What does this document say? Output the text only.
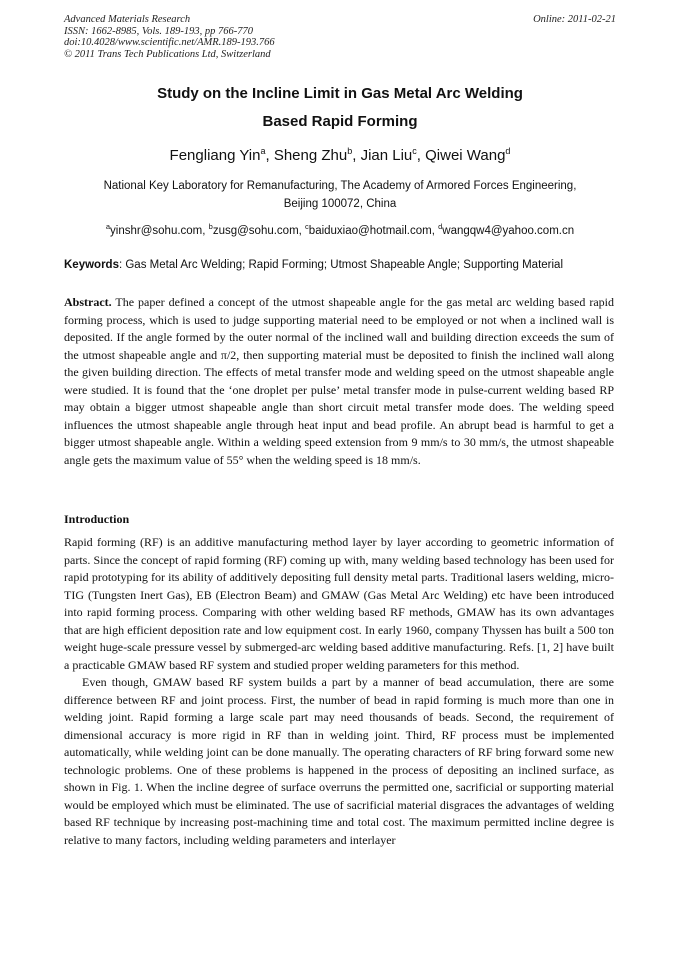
Advanced Materials Research
ISSN: 1662-8985, Vols. 189-193, pp 766-770
doi:10.4028/www.scientific.net/AMR.189-193.766
© 2011 Trans Tech Publications Ltd, Switzerland
Online: 2011-02-21
Study on the Incline Limit in Gas Metal Arc Welding
Based Rapid Forming
Fengliang Yin$^a$, Sheng Zhu$^b$, Jian Liu$^c$, Qiwei Wang$^d$
National Key Laboratory for Remanufacturing, The Academy of Armored Forces Engineering,
Beijing 100072, China
$^a$yinshr@sohu.com, $^b$zusg@sohu.com, $^c$baiduxiao@hotmail.com, $^d$wangqw4@yahoo.com.cn
Keywords: Gas Metal Arc Welding; Rapid Forming; Utmost Shapeable Angle; Supporting Material
Abstract. The paper defined a concept of the utmost shapeable angle for the gas metal arc welding based rapid forming process, which is used to judge supporting material need to be employed or not when a inclined wall is deposited. If the angle formed by the outer normal of the inclined wall and building direction exceeds the sum of the utmost shapeable angle and π/2, then supporting material must be deposited to finish the inclined wall along the given building direction. The effects of metal transfer mode and welding speed on the utmost shapeable angle were studied. It is found that the ‘one droplet per pulse’ metal transfer mode in pulse-current welding based RP may obtain a bigger utmost shapeable angle than short circuit metal transfer mode does. The welding speed influences the utmost shapeable angle through heat input and bead profile. An abrupt bead is harmful to get a bigger utmost shapeable angle. Within a welding speed extension from 9 mm/s to 30 mm/s, the utmost shapeable angle gets the maximum value of 55° when the welding speed is 18 mm/s.
Introduction

Rapid forming (RF) is an additive manufacturing method layer by layer according to geometric information of parts. Since the concept of rapid forming (RF) coming up with, many welding based technology has been used for rapid prototyping for its ability of additively depositing full density metal parts. Traditional lasers welding, micro-TIG (Tungsten Inert Gas), EB (Electron Beam) and GMAW (Gas Metal Arc Welding) etc have been introduced into rapid forming process. Comparing with other welding based RF methods, GMAW has its own advantages that are high efficient deposition rate and low equipment cost. In early 1960, company Thyssen has built a 500 ton weight huge-scale pressure vessel by submerged-arc welding based additive manufacturing. Refs. [1, 2] have built a practicable GMAW based RF system and studied proper welding parameters for this method.

Even though, GMAW based RF system builds a part by a manner of bead accumulation, there are some difference between RF and joint process. First, the number of bead in rapid forming is much more than one in welding joint. Rapid forming a large scale part may need thousands of beads. Second, the requirement of dimensional accuracy is more rigid in RF than in welding joint. Third, RF process must be implemented automatically, while welding joint can be done manually. The operating characters of RF bring forward some new technologic problems. One of these problems is happened in the process of depositing an inclined surface, as shown in Fig. 1. When the incline degree of surface overruns the permitted one, sacrificial or supporting material would be employed which must be eliminated. The use of sacrificial material disgraces the advantages of welding based RF technique by increasing post-machining time and total cost. The maximum permitted incline degree is relative to many factors, including welding parameters and interlayer
